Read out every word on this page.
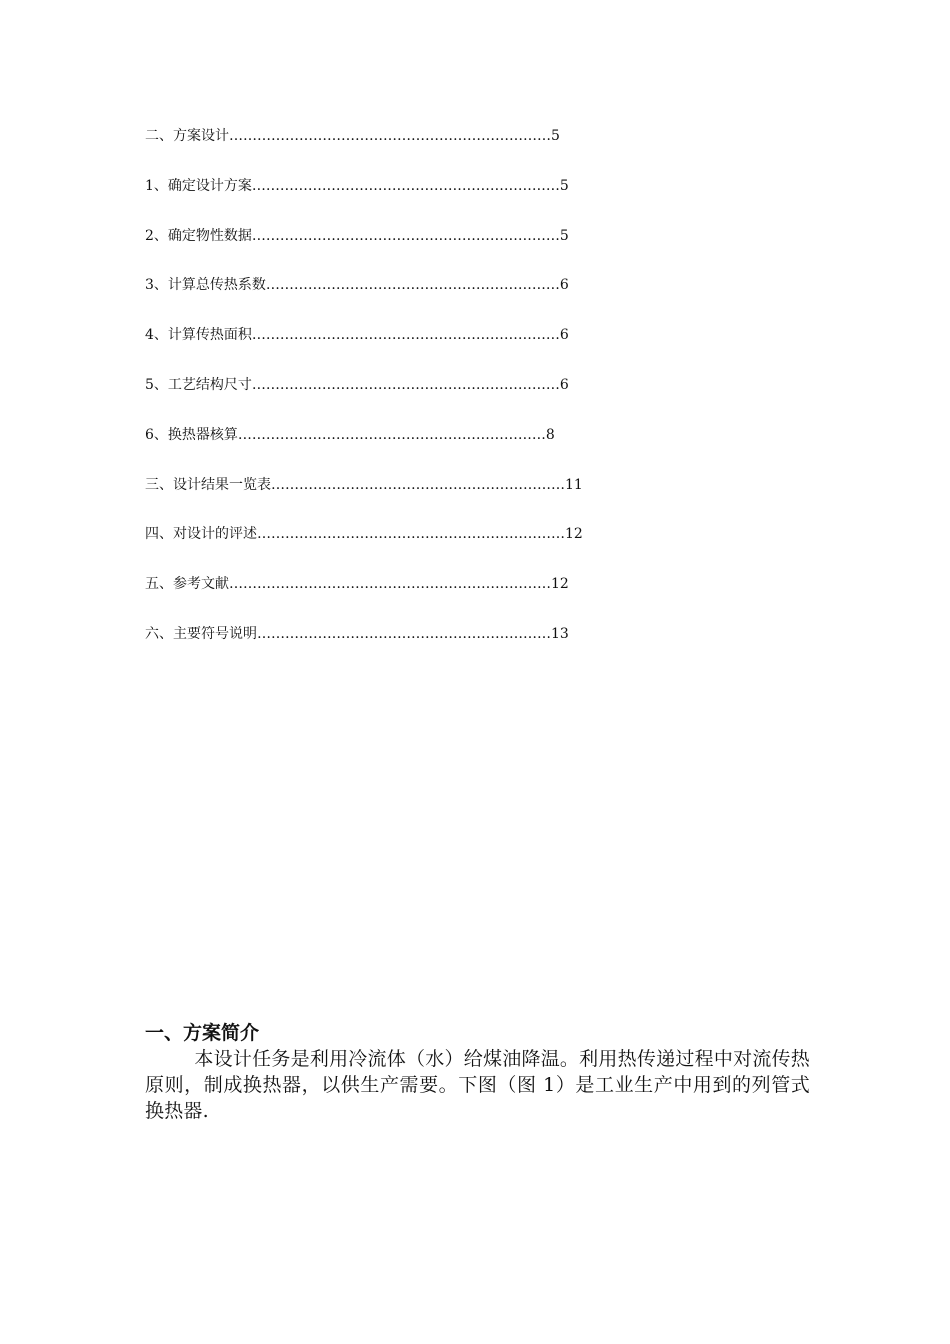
二、方案设计……………………………………………………………5
1、确定设计方案…………………………………………………………5
2、确定物性数据…………………………………………………………5
3、计算总传热系数………………………………………………………6
4、计算传热面积…………………………………………………………6
5、工艺结构尺寸…………………………………………………………6
6、换热器核算…………………………………………………………8
三、设计结果一览表………………………………………………………11
四、对设计的评述…………………………………………………………12
五、参考文献……………………………………………………………12
六、主要符号说明………………………………………………………13
一、方案简介

本设计任务是利用冷流体（水）给煤油降温。利用热传递过程中对流传热原则，制成换热器，以供生产需要。下图（图 1）是工业生产中用到的列管式换热器.
